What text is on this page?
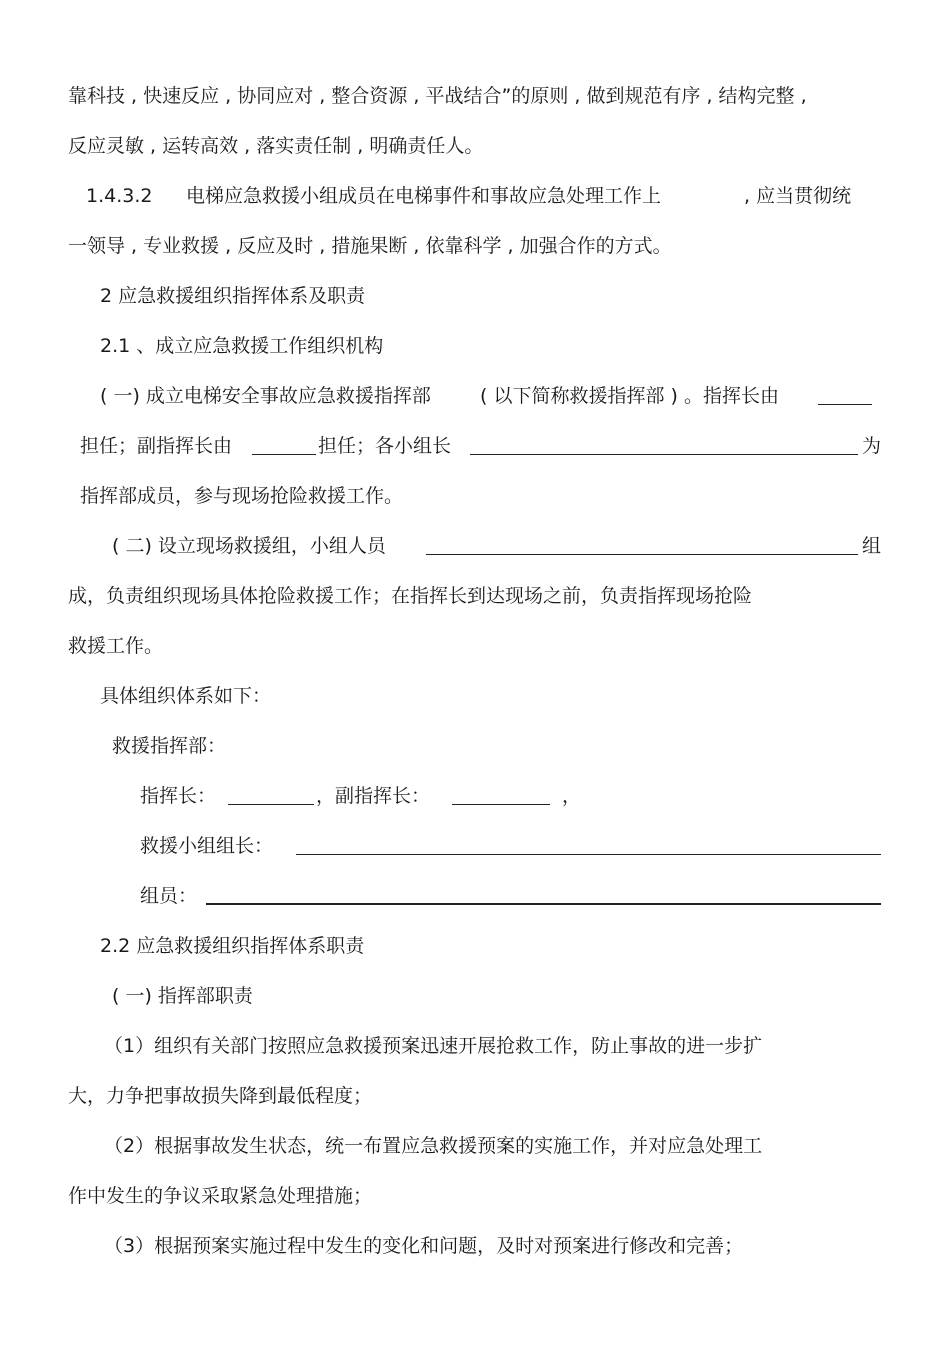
靠科技 , 快速反应 , 协同应对 , 整合资源 , 平战结合”的原则 , 做到规范有序 , 结构完整 ,
反应灵敏 , 运转高效 , 落实责任制 , 明确责任人。
1.4.3.2 电梯应急救援小组成员在电梯事件和事故应急处理工作上	, 应当贯彻统
一领导 , 专业救援 , 反应及时 , 措施果断 , 依靠科学 , 加强合作的方式。
2 应急救援组织指挥体系及职责
2.1 、成立应急救援工作组织机构
( 一) 成立电梯安全事故应急救援指挥部	( 以下简称救援指挥部 ) 。指挥长由
担任；副指挥长由	担任；各小组长	为
指挥部成员，参与现场抢险救援工作。
( 二) 设立现场救援组，小组人员	组
成，负责组织现场具体抢险救援工作；在指挥长到达现场之前，负责指挥现场抢险
救援工作。
具体组织体系如下：
救援指挥部：
指挥长：	，副指挥长：	，
救援小组组长：
组员：
2.2 应急救援组织指挥体系职责
( 一) 指挥部职责
（1）组织有关部门按照应急救援预案迅速开展抢救工作，防止事故的进一步扩
大，力争把事故损失降到最低程度；
（2）根据事故发生状态，统一布置应急救援预案的实施工作，并对应急处理工
作中发生的争议采取紧急处理措施；
（3）根据预案实施过程中发生的变化和问题，及时对预案进行修改和完善；
